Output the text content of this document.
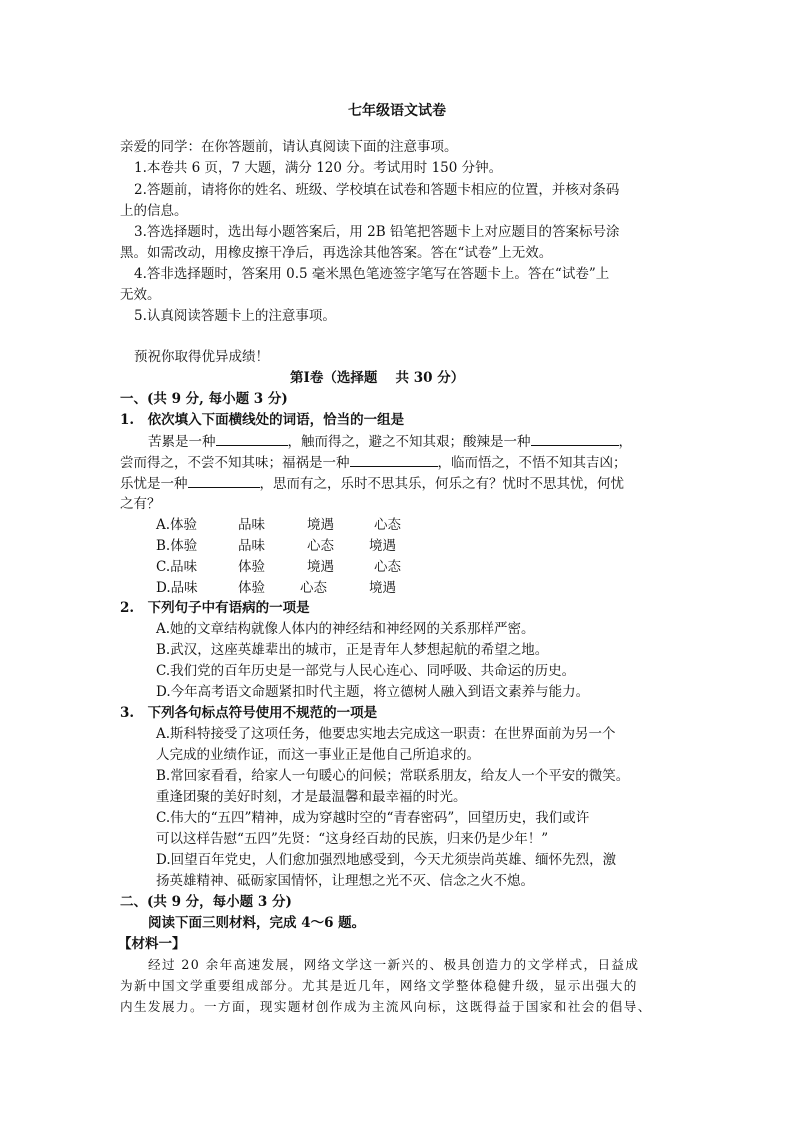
七年级语文试卷
亲爱的同学：在你答题前，请认真阅读下面的注意事项。
1.本卷共 6 页，7 大题，满分 120 分。考试用时 150 分钟。
2.答题前，请将你的姓名、班级、学校填在试卷和答题卡相应的位置，并核对条码
上的信息。
3.答选择题时，选出每小题答案后，用 2B 铅笔把答题卡上对应题目的答案标号涂
黑。如需改动，用橡皮擦干净后，再选涂其他答案。答在“试卷”上无效。
4.答非选择题时，答案用 0.5 毫米黑色笔迹签字笔写在答题卡上。答在“试卷”上
无效。
5.认真阅读答题卡上的注意事项。
预祝你取得优异成绩！
第Ⅰ卷（选择题　 共 30 分）
一、(共 9 分, 每小题 3 分)
1.　依次填入下面横线处的词语，恰当的一组是
苦累是一种	，触而得之，避之不知其艰；酸辣是一种	，
尝而得之，不尝不知其味；福祸是一种	，临而悟之，不悟不知其吉凶；
乐忧是一种	，思而有之，乐时不思其乐，何乐之有？忧时不思其忧，何忧
之有？
A.体验	品味	境遇	心态
B.体验	品味	心态	境遇
C.品味	体验	境遇	心态
D.品味	体验	心态	境遇
2.　下列句子中有语病的一项是
A.她的文章结构就像人体内的神经结和神经网的关系那样严密。
B.武汉，这座英雄辈出的城市，正是青年人梦想起航的希望之地。
C.我们党的百年历史是一部党与人民心连心、同呼吸、共命运的历史。
D.今年高考语文命题紧扣时代主题，将立德树人融入到语文素养与能力。
3.　下列各句标点符号使用不规范的一项是
A.斯科特接受了这项任务，他要忠实地去完成这一职责：在世界面前为另一个
人完成的业绩作证，而这一事业正是他自己所追求的。
B.常回家看看，给家人一句暖心的问候；常联系朋友，给友人一个平安的微笑。
重逢团聚的美好时刻，才是最温馨和最幸福的时光。
C.伟大的“五四”精神，成为穿越时空的“青春密码”，回望历史，我们或许
可以这样告慰“五四”先贤：“这身经百劫的民族，归来仍是少年！”
D.回望百年党史，人们愈加强烈地感受到，今天尤须崇尚英雄、缅怀先烈，激
扬英雄精神、砥砺家国情怀，让理想之光不灭、信念之火不熄。
二、(共 9 分，每小题 3 分)
阅读下面三则材料，完成 4～6 题。
【材料一】
经过 20 余年高速发展，网络文学这一新兴的、极具创造力的文学样式，日益成
为新中国文学重要组成部分。尤其是近几年，网络文学整体稳健升级，显示出强大的
内生发展力。一方面，现实题材创作成为主流风向标，这既得益于国家和社会的倡导、
